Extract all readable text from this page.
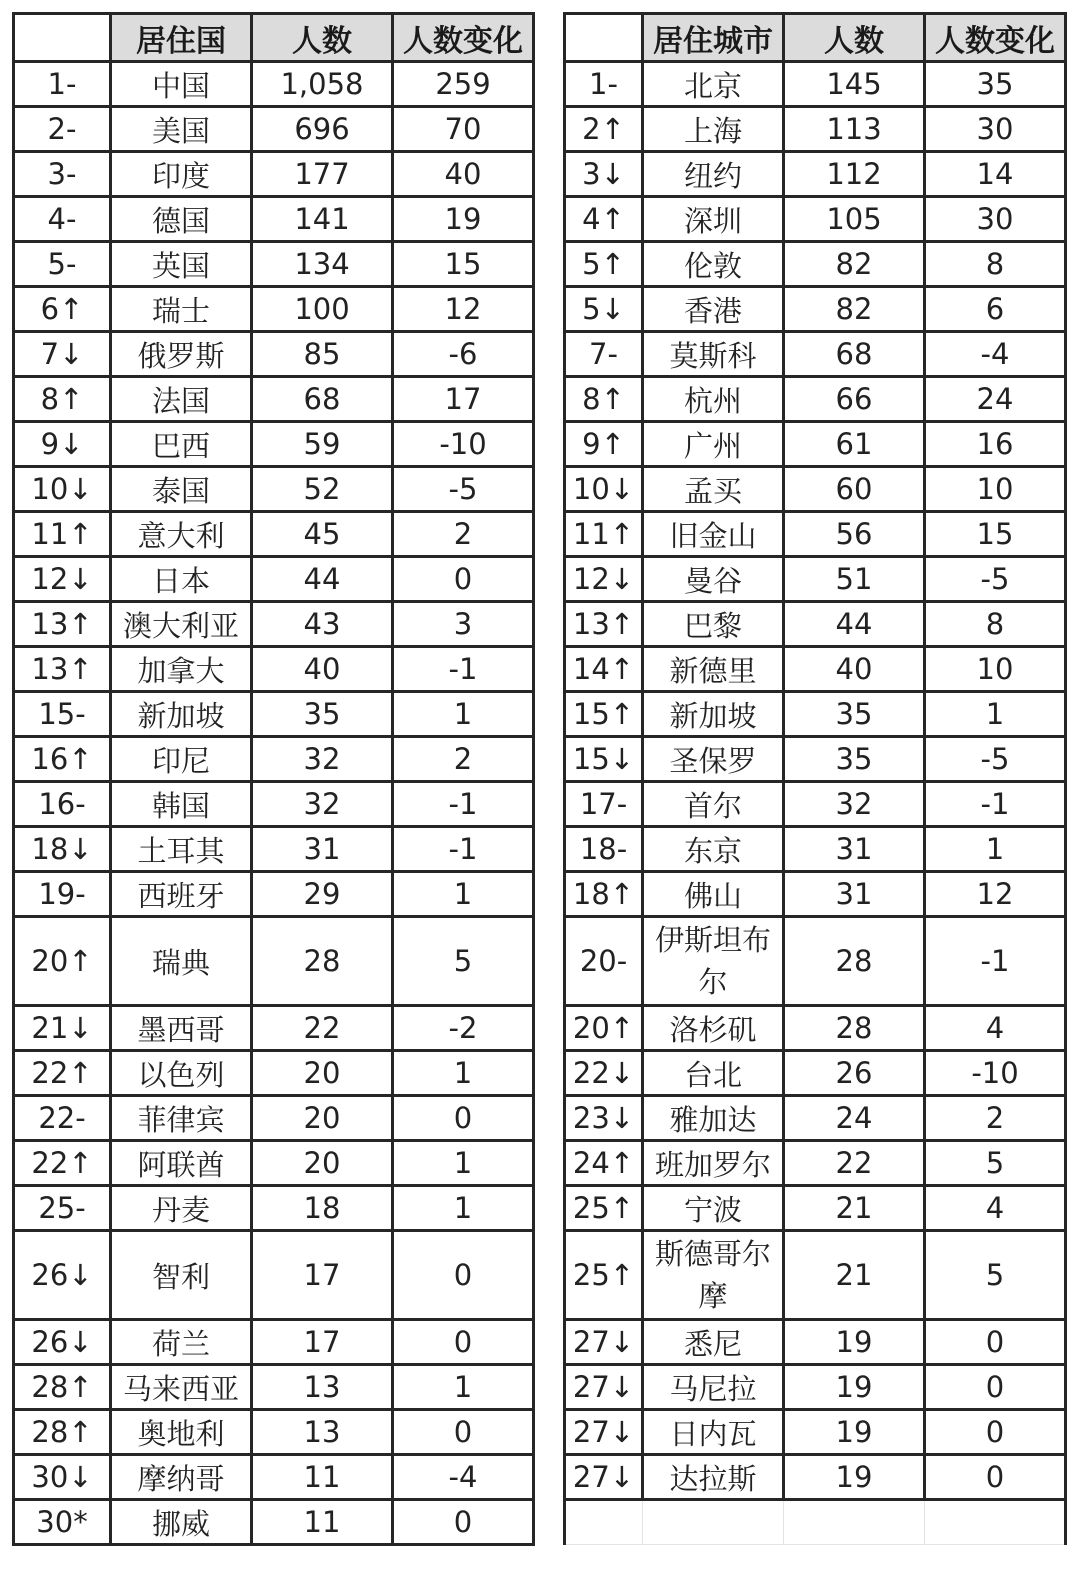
	居住国	人数	人数变化
1-	中国	1,058	259
2-	美国	696	70
3-	印度	177	40
4-	德国	141	19
5-	英国	134	15
6↑	瑞士	100	12
7↓	俄罗斯	85	-6
8↑	法国	68	17
9↓	巴西	59	-10
10↓	泰国	52	-5
11↑	意大利	45	2
12↓	日本	44	0
13↑	澳大利亚	43	3
13↑	加拿大	40	-1
15-	新加坡	35	1
16↑	印尼	32	2
16-	韩国	32	-1
18↓	土耳其	31	-1
19-	西班牙	29	1
20↑	瑞典	28	5
21↓	墨西哥	22	-2
22↑	以色列	20	1
22-	菲律宾	20	0
22↑	阿联酋	20	1
25-	丹麦	18	1
26↓	智利	17	0
26↓	荷兰	17	0
28↑	马来西亚	13	1
28↑	奥地利	13	0
30↓	摩纳哥	11	-4
30*	挪威	11	0
	居住城市	人数	人数变化
1-	北京	145	35
2↑	上海	113	30
3↓	纽约	112	14
4↑	深圳	105	30
5↑	伦敦	82	8
5↓	香港	82	6
7-	莫斯科	68	-4
8↑	杭州	66	24
9↑	广州	61	16
10↓	孟买	60	10
11↑	旧金山	56	15
12↓	曼谷	51	-5
13↑	巴黎	44	8
14↑	新德里	40	10
15↑	新加坡	35	1
15↓	圣保罗	35	-5
17-	首尔	32	-1
18-	东京	31	1
18↑	佛山	31	12
20-	伊斯坦布尔	28	-1
20↑	洛杉矶	28	4
22↓	台北	26	-10
23↓	雅加达	24	2
24↑	班加罗尔	22	5
25↑	宁波	21	4
25↑	斯德哥尔摩	21	5
27↓	悉尼	19	0
27↓	马尼拉	19	0
27↓	日内瓦	19	0
27↓	达拉斯	19	0
